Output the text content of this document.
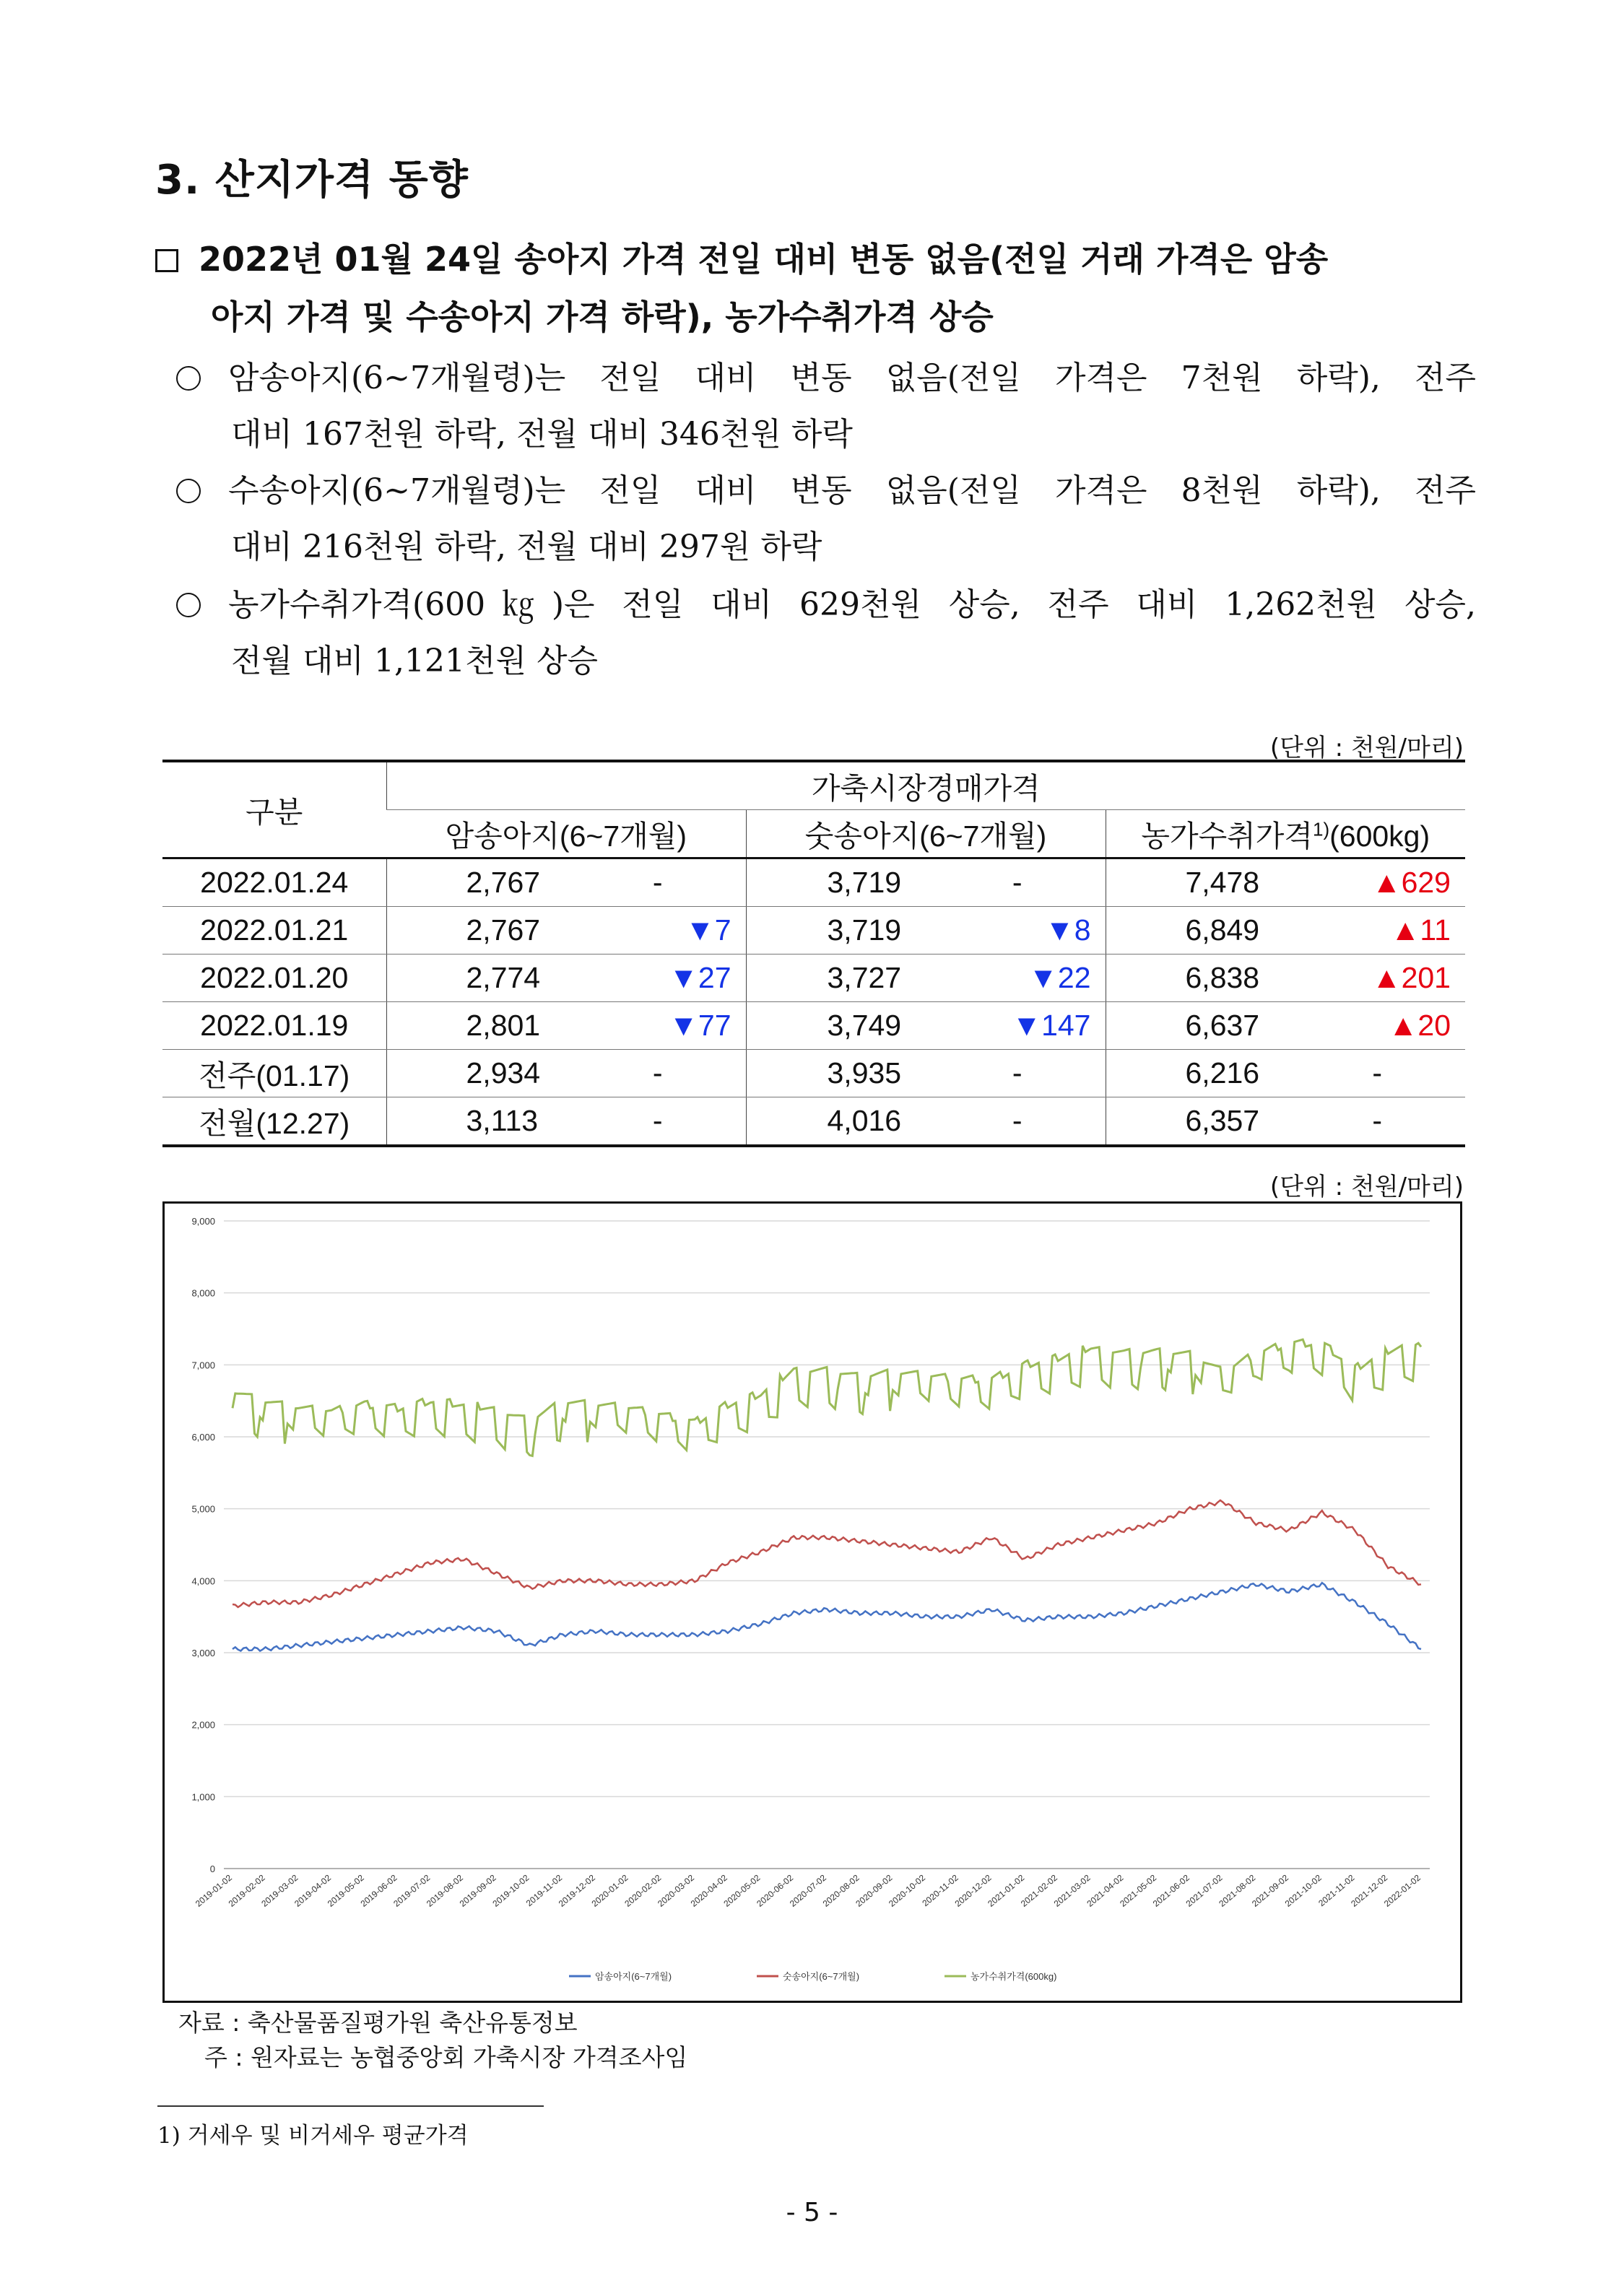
3. 산지가격 동향
2022년 01월 24일 송아지 가격 전일 대비 변동 없음(전일 거래 가격은 암송
아지 가격 및 수송아지 가격 하락), 농가수취가격 상승
암송아지(6~7개월령)는 전일 대비 변동 없음(전일 가격은 7천원 하락), 전주
대비 167천원 하락, 전월 대비 346천원 하락
수송아지(6~7개월령)는 전일 대비 변동 없음(전일 가격은 8천원 하락), 전주
대비 216천원 하락, 전월 대비 297원 하락
농가수취가격(600㎏)은 전일 대비 629천원 상승, 전주 대비 1,262천원 상승,
전월 대비 1,121천원 상승
(단위 : 천원/마리)
구분	가축시장경매가격		
	암송아지(6~7개월)	숫송아지(6~7개월)	농가수취가격$^{1)}$(600kg)
2022.01.24	2,767 -	3,719 -	7,478 ▲629

2022.01.21	2,767 ▼7	3,719 ▼8	6,849 ▲11

2022.01.20	2,774 ▼27	3,727 ▼22	6,838 ▲201

2022.01.19	2,801 ▼77	3,749 ▼147	6,637 ▲20

전주(01.17)	2,934 -	3,935 -	6,216 -

전월(12.27)	3,113 -	4,016 -	6,357 -
(단위 : 천원/마리)
0
1,000
2,000
3,000
4,000
5,000
6,000
7,000
8,000
9,000
2019-01-02
2019-02-02
2019-03-02
2019-04-02
2019-05-02
2019-06-02
2019-07-02
2019-08-02
2019-09-02
2019-10-02
2019-11-02
2019-12-02
2020-01-02
2020-02-02
2020-03-02
2020-04-02
2020-05-02
2020-06-02
2020-07-02
2020-08-02
2020-09-02
2020-10-02
2020-11-02
2020-12-02
2021-01-02
2021-02-02
2021-03-02
2021-04-02
2021-05-02
2021-06-02
2021-07-02
2021-08-02
2021-09-02
2021-10-02
2021-11-02
2021-12-02
2022-01-02
암송아지(6~7개월)	숫송아지(6~7개월)	농가수취가격(600kg)
자료 : 축산물품질평가원 축산유통정보
주 : 원자료는 농협중앙회 가축시장 가격조사임
1) 거세우 및 비거세우 평균가격
- 5 -
